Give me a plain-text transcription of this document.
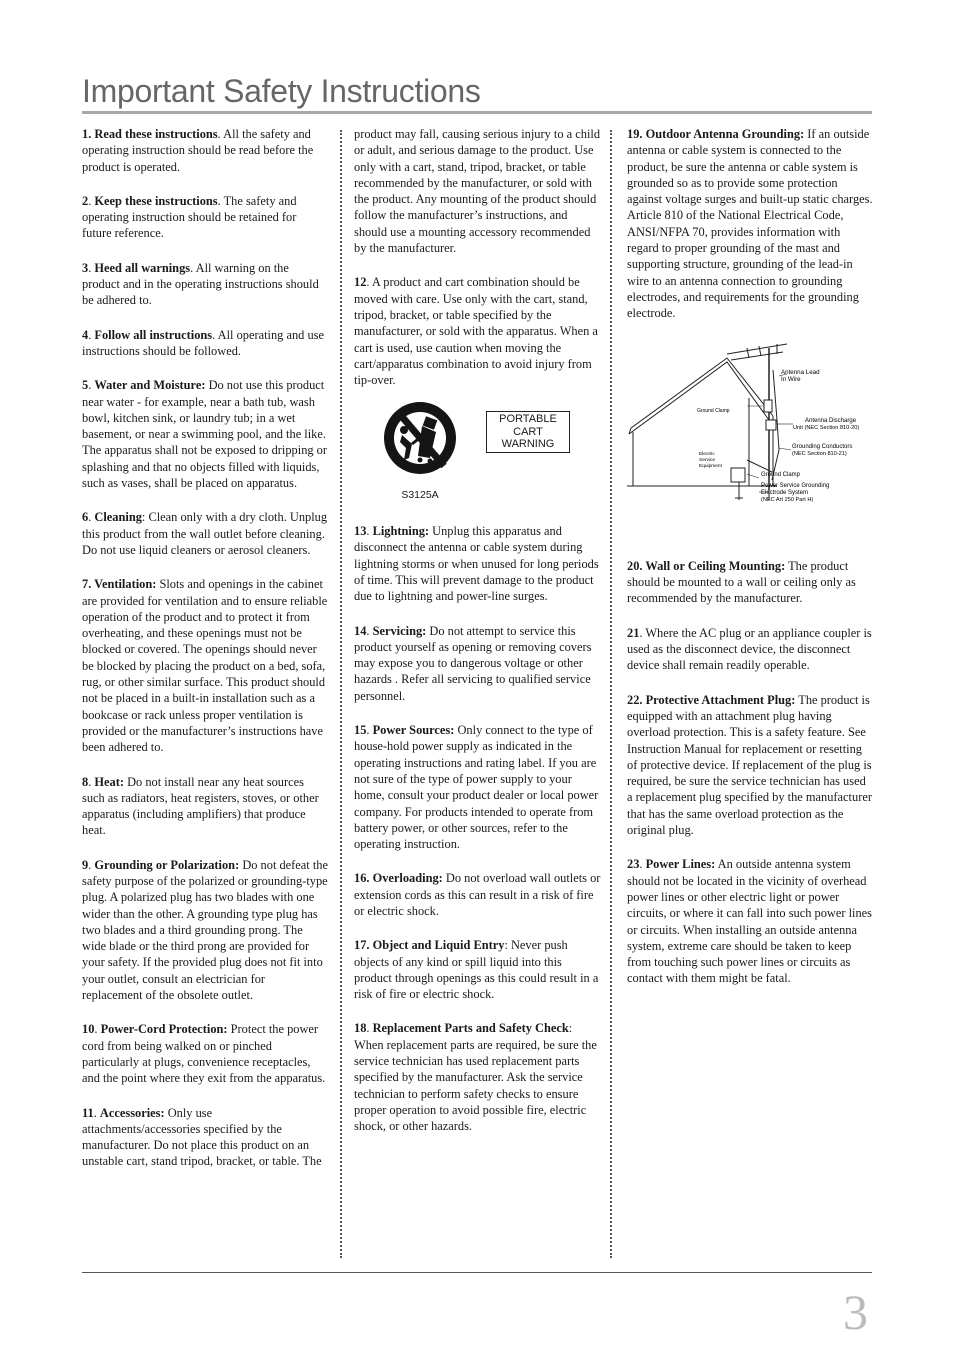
Important Safety Instructions

1. Read these instructions. All the safety and operating instruction should be read before the product is operated.

2. Keep these instructions. The safety and operating instruction should be retained for future reference.

3. Heed all warnings. All warning on the product and in the operating instructions should be adhered to.

4. Follow all instructions. All operating and use instructions should be followed.

5. Water and Moisture: Do not use this product near water - for example, near a bath tub, wash bowl, kitchen sink, or laundry tub; in a wet basement, or near a swimming pool, and the like. The apparatus shall not be exposed to dripping or splashing and that no objects filled with liquids, such as vases, shall be placed on apparatus.

6. Cleaning: Clean only with a dry cloth. Unplug this product from the wall outlet before cleaning. Do not use liquid cleaners or aerosol cleaners.

7. Ventilation: Slots and openings in the cabinet are provided for ventilation and to ensure reliable operation of the product and to protect it from overheating, and these openings must not be blocked or covered. The openings should never be blocked by placing the product on a bed, sofa, rug, or other similar surface. This product should not be placed in a built-in installation such as a bookcase or rack unless proper ventilation is provided or the manufacturer’s instructions have been adhered to.

8. Heat: Do not install near any heat sources such as radiators, heat registers, stoves, or other apparatus (including amplifiers) that produce heat.

9. Grounding or Polarization: Do not defeat the safety purpose of the polarized or grounding-type plug. A polarized plug has two blades with one wider than the other. A grounding type plug has two blades and a third grounding prong. The wide blade or the third prong are provided for your safety. If the provided plug does not fit into your outlet, consult an electrician for replacement of the obsolete outlet.

10. Power-Cord Protection: Protect the power cord from being walked on or pinched particularly at plugs, convenience receptacles, and the point where they exit from the apparatus.

11. Accessories: Only use attachments/accessories specified by the manufacturer. Do not place this product on an unstable cart, stand tripod, bracket, or table. The

product may fall, causing serious injury to a child or adult, and serious damage to the product. Use only with a cart, stand, tripod, bracket, or table recommended by the manufacturer, or sold with the product. Any mounting of the product should follow the manufacturer’s instructions, and should use a mounting accessory recommended by the manufacturer.

12. A product and cart combination should be moved with care. Use only with the cart, stand, tripod, bracket, or table specified by the manufacturer, or sold with the apparatus. When a cart is used, use caution when moving the cart/apparatus combination to avoid injury from tip-over.

S3125A
PORTABLE CART WARNING

13. Lightning: Unplug this apparatus and disconnect the antenna or cable system during lightning storms or when unused for long periods of time. This will prevent damage to the product due to lightning and power-line surges.

14. Servicing: Do not attempt to service this product yourself as opening or removing covers may expose you to dangerous voltage or other hazards . Refer all servicing to qualified service personnel.

15. Power Sources: Only connect to the type of house-hold power supply as indicated in the operating instructions and rating label. If you are not sure of the type of power supply to your home, consult your product dealer or local power company. For products intended to operate from battery power, or other sources, refer to the operating instruction.

16. Overloading: Do not overload wall outlets or extension cords as this can result in a risk of fire or electric shock.

17. Object and Liquid Entry: Never push objects of any kind or spill liquid into this product through openings as this could result in a risk of fire or electric shock.

18. Replacement Parts and Safety Check: When replacement parts are required, be sure the service technician has used replacement parts specified by the manufacturer. Ask the service technician to perform safety checks to ensure proper operation to avoid possible fire, electric shock, or other hazards.

19. Outdoor Antenna Grounding: If an outside antenna or cable system is connected to the product, be sure the antenna or cable system is grounded so as to provide some protection against voltage surges and built-up static charges. Article 810 of the National Electrical Code, ANSI/NFPA 70, provides information with regard to proper grounding of the mast and supporting structure, grounding of the lead-in wire to an antenna connection to grounding electrodes, and requirements for the grounding electrode.

Antenna Lead
In Wire
Ground Clamp
Antenna Discharge
Unit (NEC Section 810-20)
Electric
Service
Equipment
Grounding Conductors
(NEC Section 810-21)
Ground Clamp
Power Service Grounding
Electrode System
(NEC Art 250 Part H)

20. Wall or Ceiling Mounting: The product should be mounted to a wall or ceiling only as recommended by the manufacturer.

21. Where the AC plug or an appliance coupler is used as the disconnect device, the disconnect device shall remain readily operable.

22. Protective Attachment Plug: The product is equipped with an attachment plug having overload protection. This is a safety feature. See Instruction Manual for replacement or resetting of protective device. If replacement of the plug is required, be sure the service technician has used a replacement plug specified by the manufacturer that has the same overload protection as the original plug.

23. Power Lines: An outside antenna system should not be located in the vicinity of overhead power lines or other electric light or power circuits, or where it can fall into such power lines or circuits. When installing an outside antenna system, extreme care should be taken to keep from touching such power lines or circuits as contact with them might be fatal.

3
